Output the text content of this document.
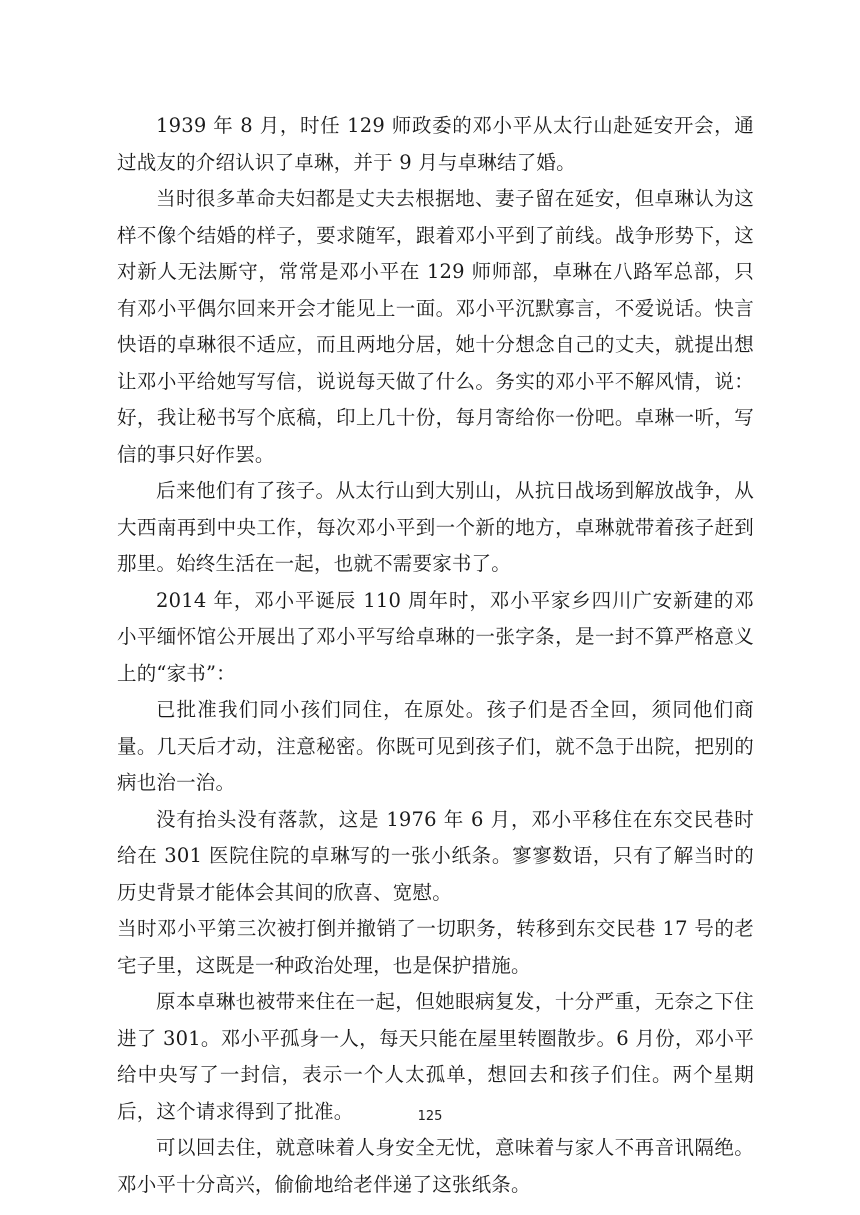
1939 年 8 月，时任 129 师政委的邓小平从太行山赴延安开会，通过战友的介绍认识了卓琳，并于 9 月与卓琳结了婚。

当时很多革命夫妇都是丈夫去根据地、妻子留在延安，但卓琳认为这样不像个结婚的样子，要求随军，跟着邓小平到了前线。战争形势下，这对新人无法厮守，常常是邓小平在 129 师师部，卓琳在八路军总部，只有邓小平偶尔回来开会才能见上一面。邓小平沉默寡言，不爱说话。快言快语的卓琳很不适应，而且两地分居，她十分想念自己的丈夫，就提出想让邓小平给她写写信，说说每天做了什么。务实的邓小平不解风情，说：好，我让秘书写个底稿，印上几十份，每月寄给你一份吧。卓琳一听，写信的事只好作罢。

后来他们有了孩子。从太行山到大别山，从抗日战场到解放战争，从大西南再到中央工作，每次邓小平到一个新的地方，卓琳就带着孩子赶到那里。始终生活在一起，也就不需要家书了。

2014 年，邓小平诞辰 110 周年时，邓小平家乡四川广安新建的邓小平缅怀馆公开展出了邓小平写给卓琳的一张字条，是一封不算严格意义上的“家书”：

已批准我们同小孩们同住，在原处。孩子们是否全回，须同他们商量。几天后才动，注意秘密。你既可见到孩子们，就不急于出院，把别的病也治一治。

没有抬头没有落款，这是 1976 年 6 月，邓小平移住在东交民巷时给在 301 医院住院的卓琳写的一张小纸条。寥寥数语，只有了解当时的历史背景才能体会其间的欣喜、宽慰。

当时邓小平第三次被打倒并撤销了一切职务，转移到东交民巷 17 号的老宅子里，这既是一种政治处理，也是保护措施。

原本卓琳也被带来住在一起，但她眼病复发，十分严重，无奈之下住进了 301。邓小平孤身一人，每天只能在屋里转圈散步。6 月份，邓小平给中央写了一封信，表示一个人太孤单，想回去和孩子们住。两个星期后，这个请求得到了批准。

可以回去住，就意味着人身安全无忧，意味着与家人不再音讯隔绝。邓小平十分高兴，偷偷地给老伴递了这张纸条。

125
